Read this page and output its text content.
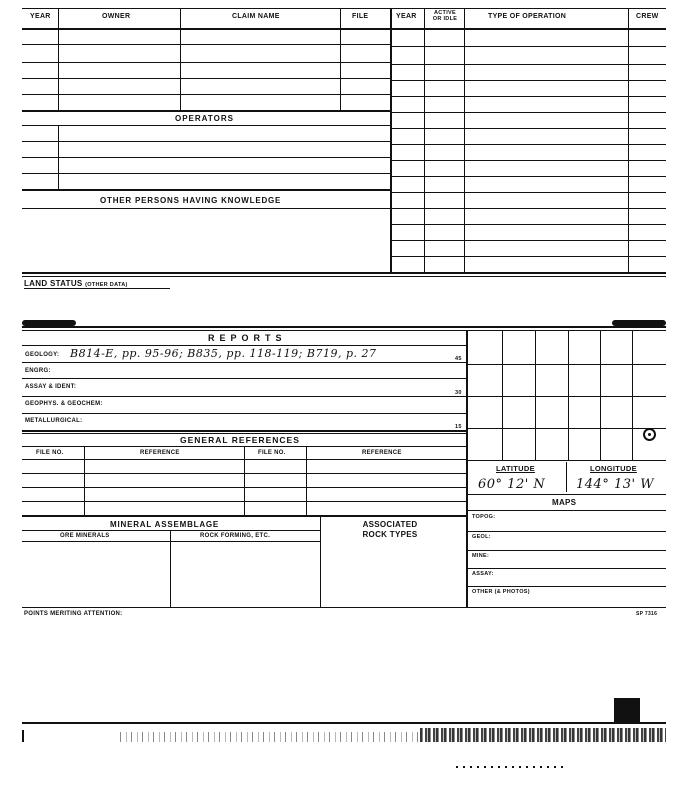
YEAR	OWNER	CLAIM NAME	FILE	YEAR	ACTIVE OR IDLE	TYPE OF OPERATION	CREW
OPERATORS
OTHER PERSONS HAVING KNOWLEDGE
LAND STATUS (OTHER DATA)
REPORTS
GEOLOGY: B814-E, pp. 95-96; B835, pp. 118-119; B719, p. 27	45
ENGRG:
ASSAY & IDENT:
30
GEOPHYS. & GEOCHEM:
METALLURGICAL:
15
GENERAL REFERENCES
FILE NO.	REFERENCE	FILE NO.	REFERENCE
MINERAL ASSEMBLAGE
ORE MINERALS	ROCK FORMING, ETC.
ASSOCIATED ROCK TYPES
LATITUDE	LONGITUDE
60° 12' N 144° 13' W
MAPS
TOPOG:
GEOL:
MINE:
ASSAY:
OTHER (& PHOTOS)
POINTS MERITING ATTENTION:	SP 7316
